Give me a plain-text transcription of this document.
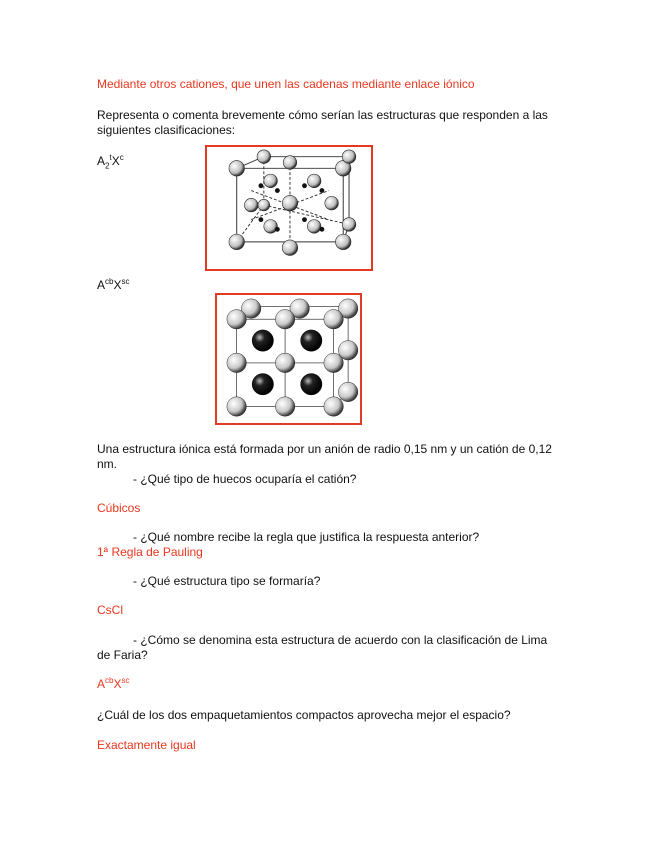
Mediante otros cationes, que unen las cadenas mediante enlace iónico
Representa o comenta brevemente cómo serían las estructuras que responden a las siguientes clasificaciones:
$A_2^tX^c$
$A^{cb}X^{sc}$
Una estructura iónica está formada por un anión de radio 0,15 nm y un catión de 0,12 nm.
- ¿Qué tipo de huecos ocuparía el catión?
Cúbicos
- ¿Qué nombre recibe la regla que justifica la respuesta anterior?
1ª Regla de Pauling
- ¿Qué estructura tipo se formaría?
CsCl
- ¿Cómo se denomina esta estructura de acuerdo con la clasificación de Lima de Faria?
$A^{cb}X^{sc}$
¿Cuál de los dos empaquetamientos compactos aprovecha mejor el espacio?
Exactamente igual
